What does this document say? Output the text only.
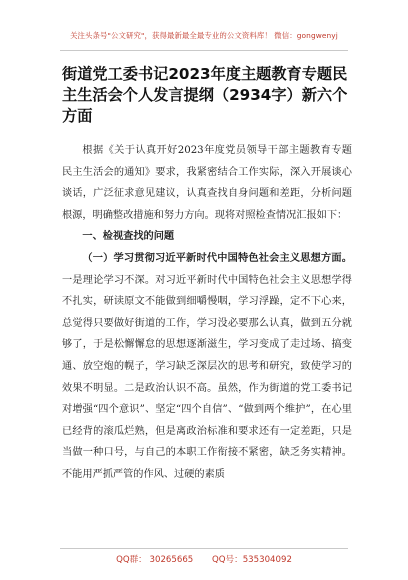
关注头条号"公文研究"，获得最新最全最专业的公文资料库！ 微信：gongwenyj
街道党工委书记2023年度主题教育专题民主生活会个人发言提纲（2934字）新六个方面

根据《关于认真开好2023年度党员领导干部主题教育专题民主生活会的通知》要求，我紧密结合工作实际，深入开展谈心谈话，广泛征求意见建议，认真查找自身问题和差距，分析问题根源，明确整改措施和努力方向。现将对照检查情况汇报如下：

一、检视查找的问题

（一）学习贯彻习近平新时代中国特色社会主义思想方面。一是理论学习不深。对习近平新时代中国特色社会主义思想学得不扎实，研读原文不能做到细嚼慢咽，学习浮躁，定不下心来，总觉得只要做好街道的工作，学习没必要那么认真，做到五分就够了，于是松懈懈怠的思想逐渐滋生，学习变成了走过场、搞变通、放空炮的幌子，学习缺乏深层次的思考和研究，致使学习的效果不明显。二是政治认识不高。虽然，作为街道的党工委书记对增强“四个意识”、坚定“四个自信”、“做到两个维护”，在心里已经背的滚瓜烂熟，但是离政治标准和要求还有一定差距，只是当做一种口号，与自己的本职工作衔接不紧密，缺乏务实精神。不能用严抓严管的作风、过硬的素质

QQ群： 30265665 QQ号：535304092
